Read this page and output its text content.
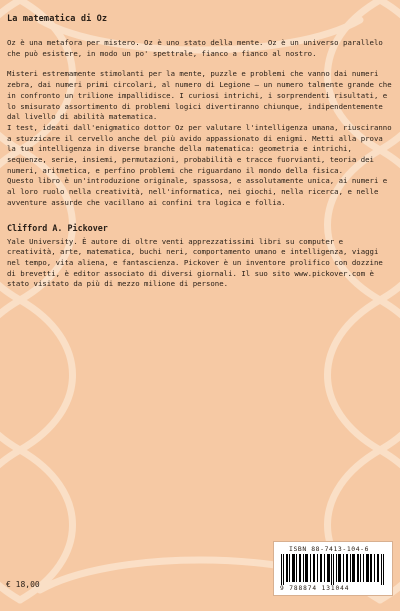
La matematica di Oz

Oz è una metafora per mistero. Oz è uno stato della mente. Oz è un universo parallelo che può esistere, in modo un po' spettrale, fianco a fianco al nostro.

Misteri estremamente stimolanti per la mente, puzzle e problemi che vanno dai numeri zebra, dai numeri primi circolari, al numero di Legione – un numero talmente grande che in confronto un trilione impallidisce. I curiosi intrichi, i sorprendenti risultati, e lo smisurato assortimento di problemi logici divertiranno chiunque, indipendentemente dal livello di abilità matematica.

I test, ideati dall'enigmatico dottor Oz per valutare l'intelligenza umana, riusciranno a stuzzicare il cervello anche del più avido appassionato di enigmi. Metti alla prova la tua intelligenza in diverse branche della matematica: geometria e intrichi, sequenze, serie, insiemi, permutazioni, probabilità e tracce fuorvianti, teoria dei numeri, aritmetica, e perfino problemi che riguardano il mondo della fisica.

Questo libro è un'introduzione originale, spassosa, e assolutamente unica, ai numeri e al loro ruolo nella creatività, nell'informatica, nei giochi, nella ricerca, e nelle avventure assurde che vacillano ai confini tra logica e follia.

Clifford A. Pickover

Yale University. È autore di oltre venti apprezzatissimi libri su computer e creatività, arte, matematica, buchi neri, comportamento umano e intelligenza, viaggi nel tempo, vita aliena, e fantascienza. Pickover è un inventore prolifico con dozzine di brevetti, è editor associato di diversi giornali. Il suo sito www.pickover.com è stato visitato da più di mezzo milione di persone.

€ 18,00
ISBN 88-7413-104-6
9 788874 131044
